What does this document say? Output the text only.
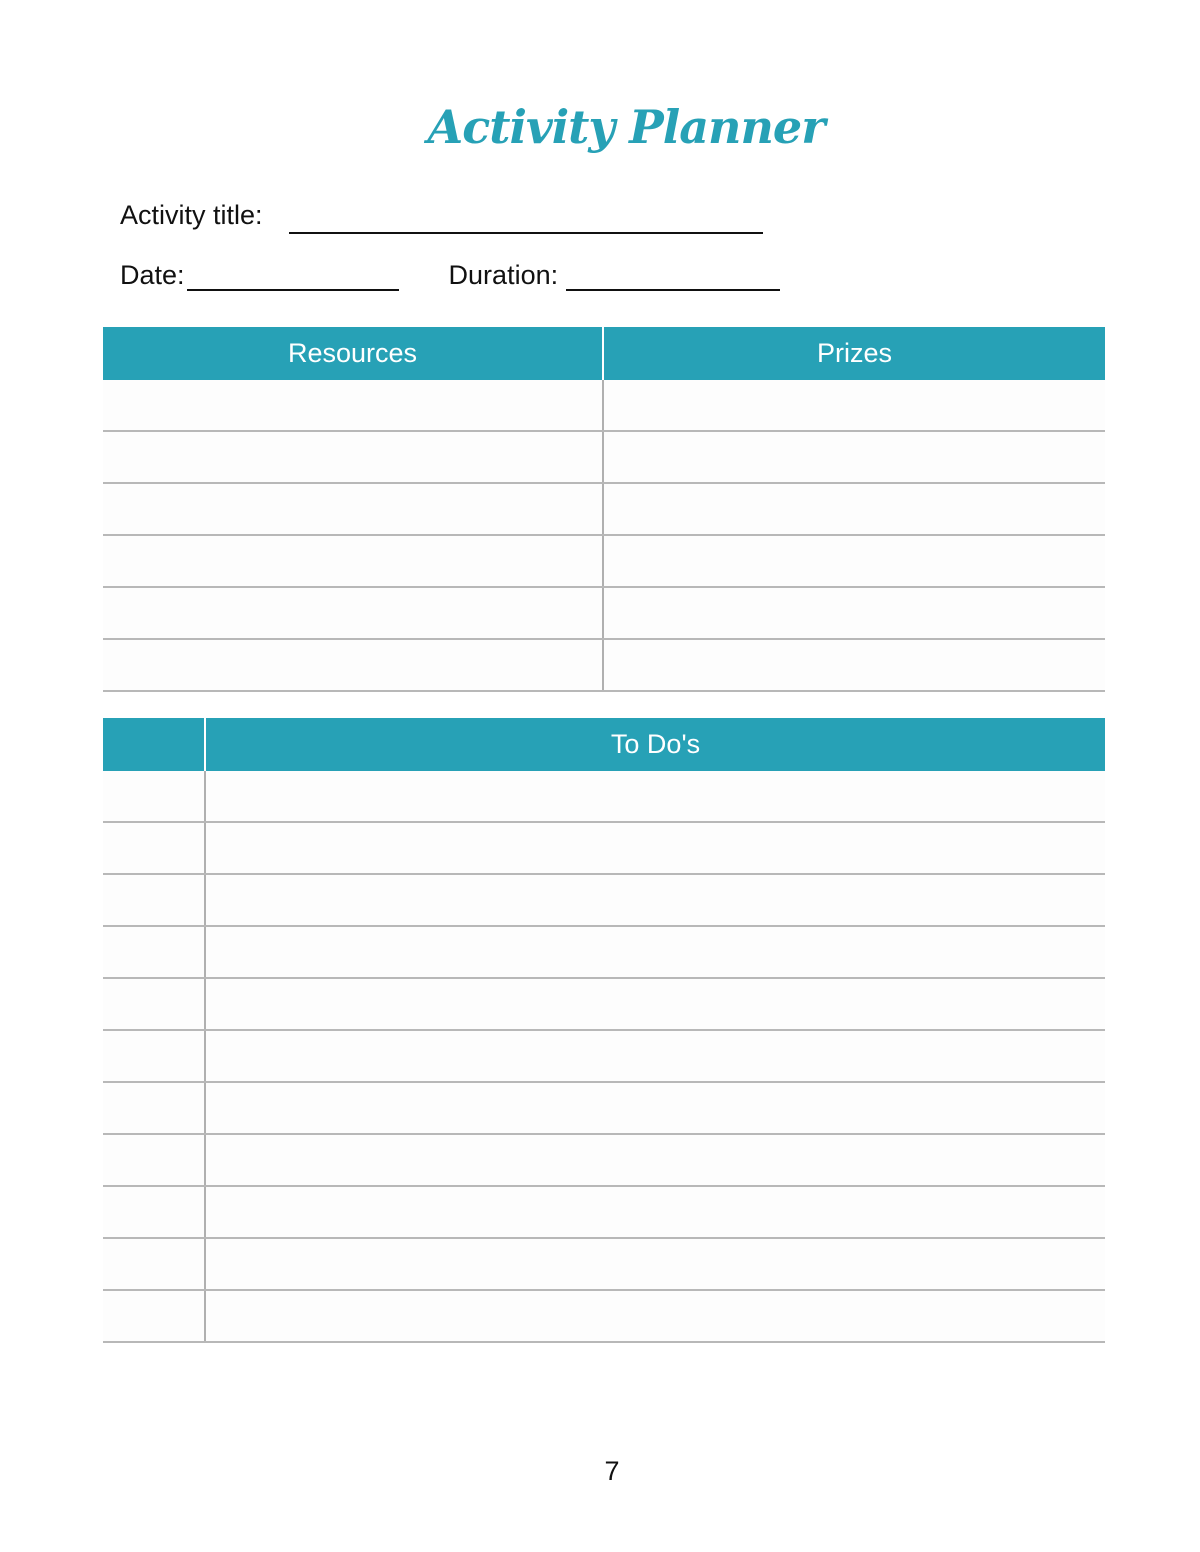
Activity Planner
Activity title:
Date:	Duration:
Resources	Prizes
To Do's
7
